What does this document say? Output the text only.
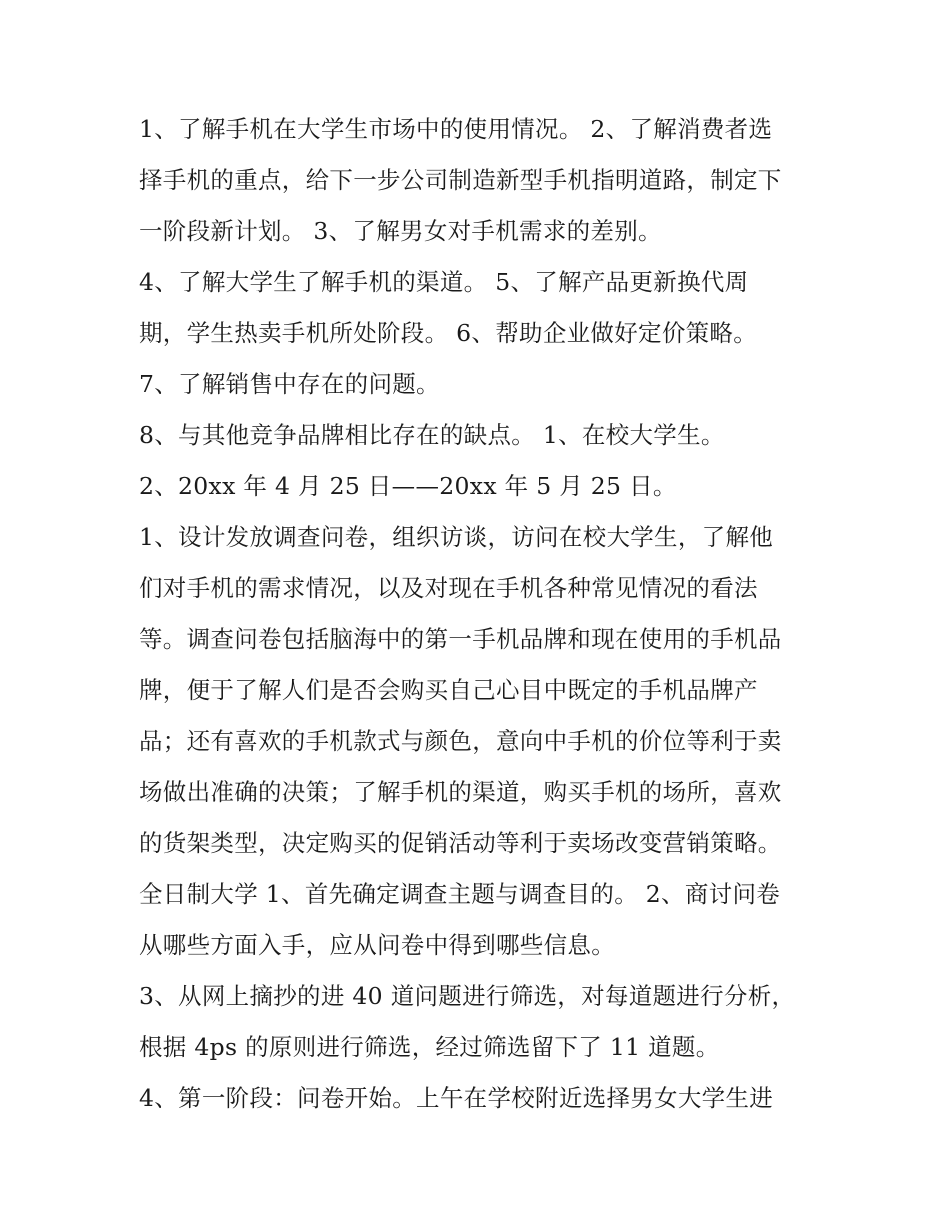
1、了解手机在大学生市场中的使用情况。 2、了解消费者选
择手机的重点，给下一步公司制造新型手机指明道路，制定下
一阶段新计划。 3、了解男女对手机需求的差别。
4、了解大学生了解手机的渠道。 5、了解产品更新换代周
期，学生热卖手机所处阶段。 6、帮助企业做好定价策略。
7、了解销售中存在的问题。
8、与其他竞争品牌相比存在的缺点。 1、在校大学生。
2、20xx 年 4 月 25 日——20xx 年 5 月 25 日。
1、设计发放调查问卷，组织访谈，访问在校大学生，了解他
们对手机的需求情况，以及对现在手机各种常见情况的看法
等。调查问卷包括脑海中的第一手机品牌和现在使用的手机品
牌，便于了解人们是否会购买自己心目中既定的手机品牌产
品；还有喜欢的手机款式与颜色，意向中手机的价位等利于卖
场做出准确的决策；了解手机的渠道，购买手机的场所，喜欢
的货架类型，决定购买的促销活动等利于卖场改变营销策略。
全日制大学 1、首先确定调查主题与调查目的。 2、商讨问卷
从哪些方面入手，应从问卷中得到哪些信息。
3、从网上摘抄的进 40 道问题进行筛选，对每道题进行分析，
根据 4ps 的原则进行筛选，经过筛选留下了 11 道题。
4、第一阶段：问卷开始。上午在学校附近选择男女大学生进
